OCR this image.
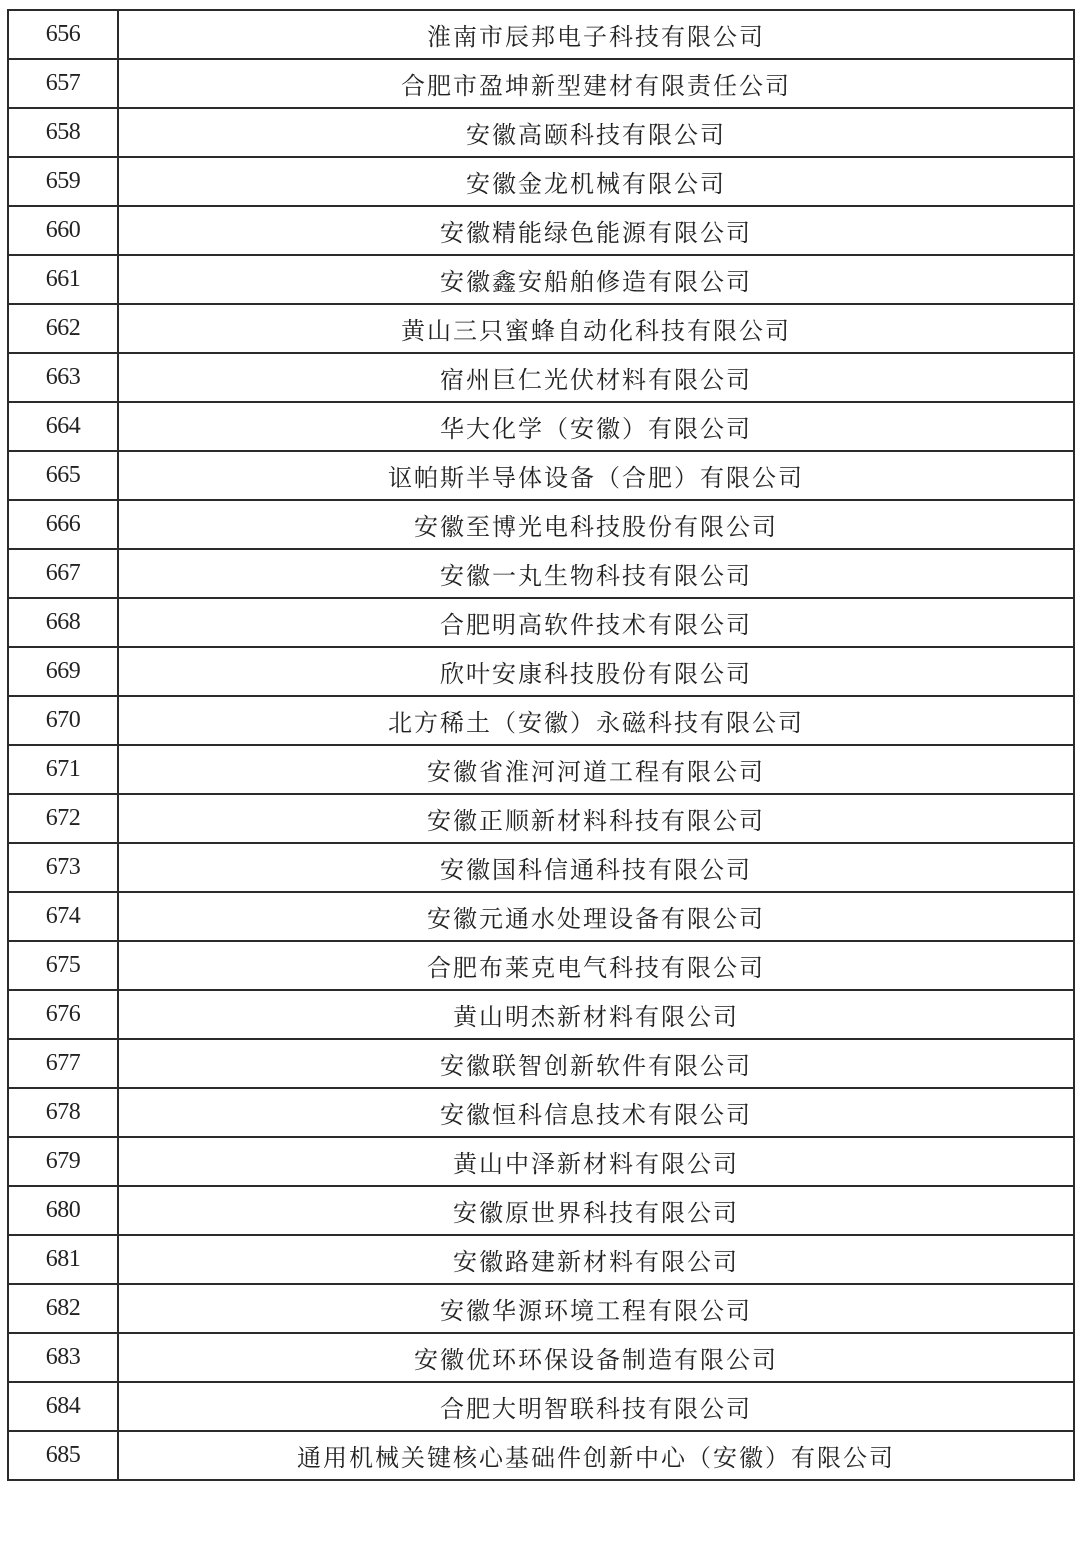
656	淮南市辰邦电子科技有限公司
657	合肥市盈坤新型建材有限责任公司
658	安徽高颐科技有限公司
659	安徽金龙机械有限公司
660	安徽精能绿色能源有限公司
661	安徽鑫安船舶修造有限公司
662	黄山三只蜜蜂自动化科技有限公司
663	宿州巨仁光伏材料有限公司
664	华大化学（安徽）有限公司
665	讴帕斯半导体设备（合肥）有限公司
666	安徽至博光电科技股份有限公司
667	安徽一丸生物科技有限公司
668	合肥明高软件技术有限公司
669	欣叶安康科技股份有限公司
670	北方稀土（安徽）永磁科技有限公司
671	安徽省淮河河道工程有限公司
672	安徽正顺新材料科技有限公司
673	安徽国科信通科技有限公司
674	安徽元通水处理设备有限公司
675	合肥布莱克电气科技有限公司
676	黄山明杰新材料有限公司
677	安徽联智创新软件有限公司
678	安徽恒科信息技术有限公司
679	黄山中泽新材料有限公司
680	安徽原世界科技有限公司
681	安徽路建新材料有限公司
682	安徽华源环境工程有限公司
683	安徽优环环保设备制造有限公司
684	合肥大明智联科技有限公司
685	通用机械关键核心基础件创新中心（安徽）有限公司
